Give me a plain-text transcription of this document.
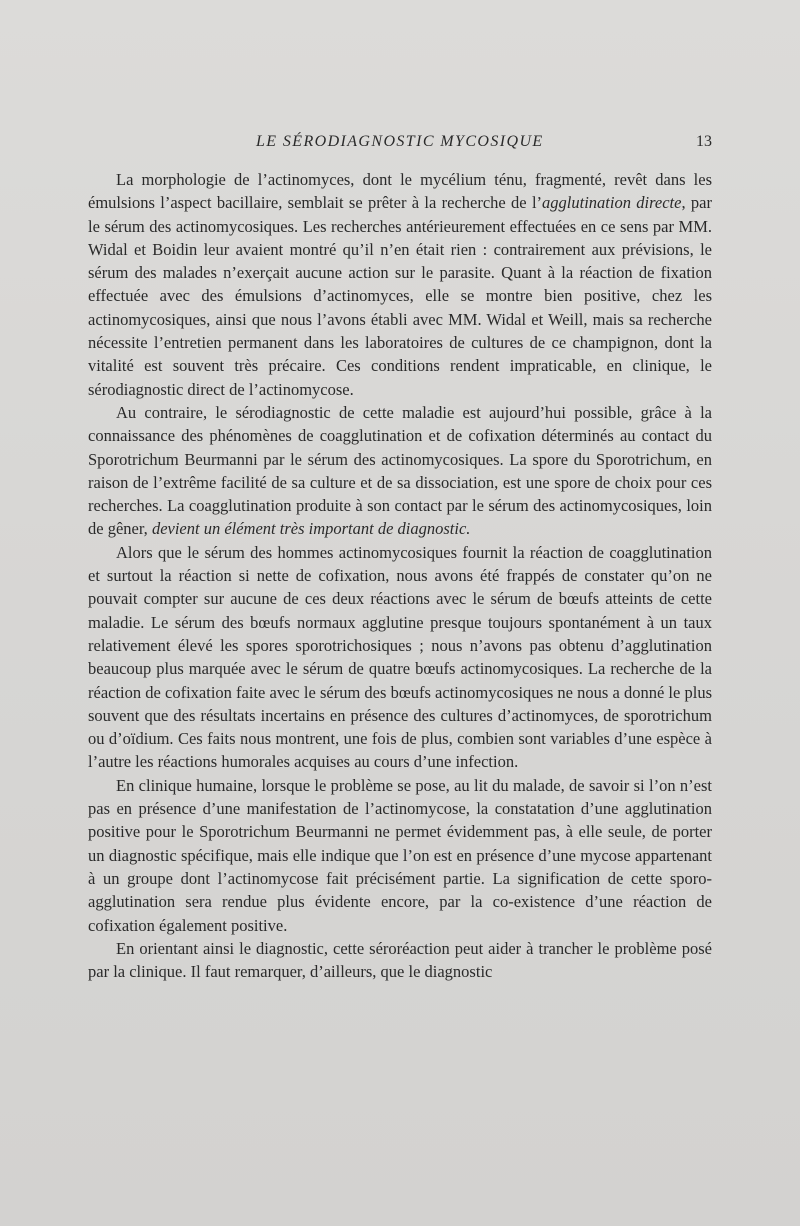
LE SÉRODIAGNOSTIC MYCOSIQUE	13

La morphologie de l’actinomyces, dont le mycélium ténu, fragmenté, revêt dans les émulsions l’aspect bacillaire, semblait se prêter à la recherche de l’agglutination directe, par le sérum des actinomycosiques. Les recherches antérieurement effectuées en ce sens par MM. Widal et Boidin leur avaient montré qu’il n’en était rien : contrairement aux prévisions, le sérum des malades n’exerçait aucune action sur le parasite. Quant à la réaction de fixation effectuée avec des émulsions d’actinomyces, elle se montre bien positive, chez les actinomycosiques, ainsi que nous l’avons établi avec MM. Widal et Weill, mais sa recherche nécessite l’entretien permanent dans les laboratoires de cultures de ce champignon, dont la vitalité est souvent très précaire. Ces conditions rendent impraticable, en clinique, le sérodiagnostic direct de l’actinomycose.

Au contraire, le sérodiagnostic de cette maladie est aujourd’hui possible, grâce à la connaissance des phénomènes de coagglutination et de cofixation déterminés au contact du Sporotrichum Beurmanni par le sérum des actinomycosiques. La spore du Sporotrichum, en raison de l’extrême facilité de sa culture et de sa dissociation, est une spore de choix pour ces recherches. La coagglutination produite à son contact par le sérum des actinomycosiques, loin de gêner, devient un élément très important de diagnostic.

Alors que le sérum des hommes actinomycosiques fournit la réaction de coagglutination et surtout la réaction si nette de cofixation, nous avons été frappés de constater qu’on ne pouvait compter sur aucune de ces deux réactions avec le sérum de bœufs atteints de cette maladie. Le sérum des bœufs normaux agglutine presque toujours spontanément à un taux relativement élevé les spores sporotrichosiques ; nous n’avons pas obtenu d’agglutination beaucoup plus marquée avec le sérum de quatre bœufs actinomycosiques. La recherche de la réaction de cofixation faite avec le sérum des bœufs actinomycosiques ne nous a donné le plus souvent que des résultats incertains en présence des cultures d’actinomyces, de sporotrichum ou d’oïdium. Ces faits nous montrent, une fois de plus, combien sont variables d’une espèce à l’autre les réactions humorales acquises au cours d’une infection.

En clinique humaine, lorsque le problème se pose, au lit du malade, de savoir si l’on n’est pas en présence d’une manifestation de l’actinomycose, la constatation d’une agglutination positive pour le Sporotrichum Beurmanni ne permet évidemment pas, à elle seule, de porter un diagnostic spécifique, mais elle indique que l’on est en présence d’une mycose appartenant à un groupe dont l’actinomycose fait précisément partie. La signification de cette sporo-agglutination sera rendue plus évidente encore, par la co-existence d’une réaction de cofixation également positive.

En orientant ainsi le diagnostic, cette séroréaction peut aider à trancher le problème posé par la clinique. Il faut remarquer, d’ailleurs, que le diagnostic
